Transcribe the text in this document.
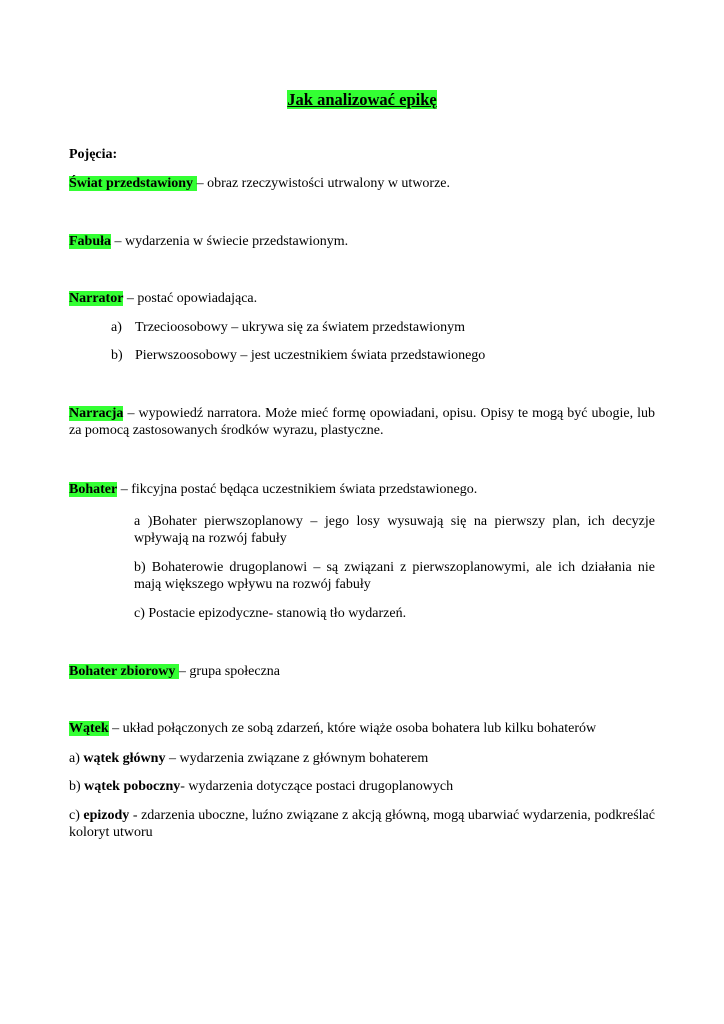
Jak analizować epikę

Pojęcia:

Świat przedstawiony – obraz rzeczywistości utrwalony w utworze.

Fabuła – wydarzenia w świecie przedstawionym.

Narrator – postać opowiadająca.

a) Trzecioosobowy – ukrywa się za światem przedstawionym

b) Pierwszoosobowy – jest uczestnikiem świata przedstawionego

Narracja – wypowiedź narratora. Może mieć formę opowiadani, opisu. Opisy te mogą być ubogie, lub za pomocą zastosowanych środków wyrazu, plastyczne.

Bohater – fikcyjna postać będąca uczestnikiem świata przedstawionego.

a )Bohater pierwszoplanowy – jego losy wysuwają się na pierwszy plan, ich decyzje wpływają na rozwój fabuły

b) Bohaterowie drugoplanowi – są związani z pierwszoplanowymi, ale ich działania nie mają większego wpływu na rozwój fabuły

c) Postacie epizodyczne- stanowią tło wydarzeń.

Bohater zbiorowy – grupa społeczna

Wątek – układ połączonych ze sobą zdarzeń, które wiąże osoba bohatera lub kilku bohaterów

a) wątek główny – wydarzenia związane z głównym bohaterem

b) wątek poboczny- wydarzenia dotyczące postaci drugoplanowych

c) epizody - zdarzenia uboczne, luźno związane z akcją główną, mogą ubarwiać wydarzenia, podkreślać koloryt utworu
